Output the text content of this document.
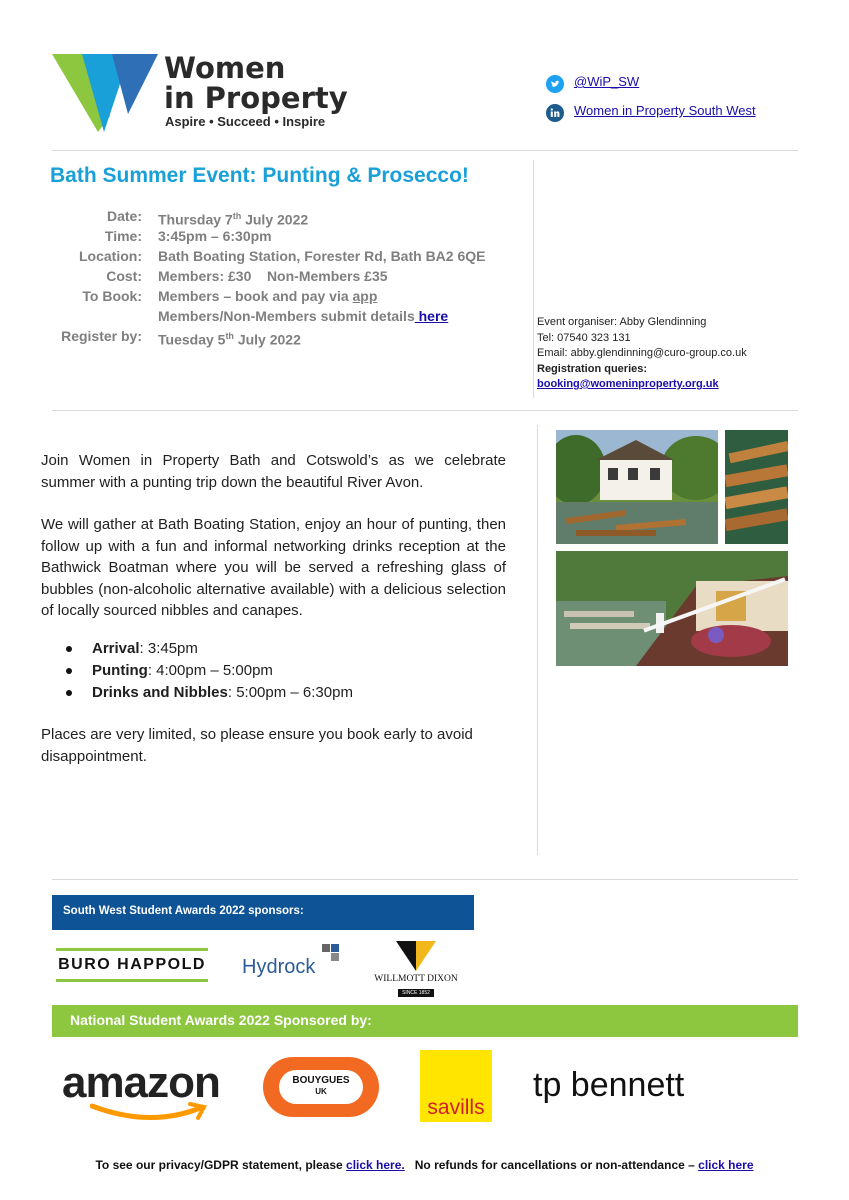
Women
in Property
Aspire • Succeed • Inspire
@WiP_SW
Women in Property South West
Bath Summer Event: Punting & Prosecco!
Date: Thursday 7th July 2022
Time: 3:45pm – 6:30pm
Location: Bath Boating Station, Forester Rd, Bath BA2 6QE
Cost: Members: £30    Non-Members £35
To Book: Members – book and pay via app
Members/Non-Members submit details here
Register by: Tuesday 5th July 2022
Event organiser: Abby Glendinning
Tel: 07540 323 131
Email: abby.glendinning@curo-group.co.uk
Registration queries:
booking@womeninproperty.org.uk
Join Women in Property Bath and Cotswold’s as we celebrate summer with a punting trip down the beautiful River Avon.
We will gather at Bath Boating Station, enjoy an hour of punting, then follow up with a fun and informal networking drinks reception at the Bathwick Boatman where you will be served a refreshing glass of bubbles (non-alcoholic alternative available) with a delicious selection of locally sourced nibbles and canapes.
Arrival: 3:45pm
Punting: 4:00pm – 5:00pm
Drinks and Nibbles: 5:00pm – 6:30pm
Places are very limited, so please ensure you book early to avoid disappointment.
South West Student Awards 2022 sponsors:
BURO HAPPOLD Hydrock
WILLMOTT DIXON
SINCE 1852
National Student Awards 2022 Sponsored by:
amazon	BOUYGUES
UK
savills
tp bennett
To see our privacy/GDPR statement, please click here.   No refunds for cancellations or non-attendance – click here
